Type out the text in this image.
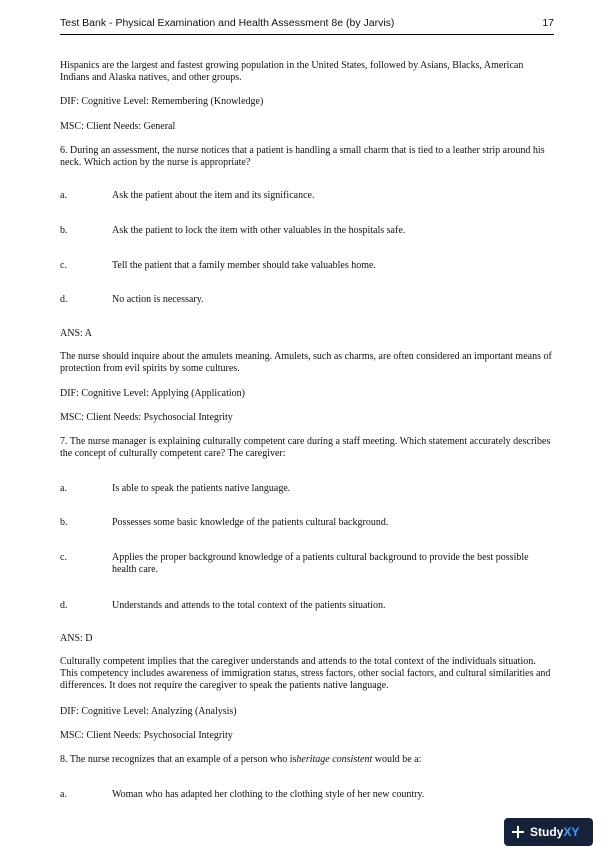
Test Bank - Physical Examination and Health Assessment 8e (by Jarvis)	17

Hispanics are the largest and fastest growing population in the United States, followed by Asians, Blacks, American Indians and Alaska natives, and other groups.

DIF: Cognitive Level: Remembering (Knowledge)

MSC: Client Needs: General

6. During an assessment, the nurse notices that a patient is handling a small charm that is tied to a leather strip around his neck. Which action by the nurse is appropriate?

a.	Ask the patient about the item and its significance.
b.	Ask the patient to lock the item with other valuables in the hospitals safe.
c.	Tell the patient that a family member should take valuables home.
d.	No action is necessary.

ANS: A

The nurse should inquire about the amulets meaning. Amulets, such as charms, are often considered an important means of protection from evil spirits by some cultures.

DIF: Cognitive Level: Applying (Application)

MSC: Client Needs: Psychosocial Integrity

7. The nurse manager is explaining culturally competent care during a staff meeting. Which statement accurately describes the concept of culturally competent care? The caregiver:

a.	Is able to speak the patients native language.
b.	Possesses some basic knowledge of the patients cultural background.
c.	Applies the proper background knowledge of a patients cultural background to provide the best possible health care.
d.	Understands and attends to the total context of the patients situation.

ANS: D

Culturally competent implies that the caregiver understands and attends to the total context of the individuals situation. This competency includes awareness of immigration status, stress factors, other social factors, and cultural similarities and differences. It does not require the caregiver to speak the patients native language.

DIF: Cognitive Level: Analyzing (Analysis)

MSC: Client Needs: Psychosocial Integrity

8. The nurse recognizes that an example of a person who isheritage consistent would be a:

a.	Woman who has adapted her clothing to the clothing style of her new country.
Study XY
